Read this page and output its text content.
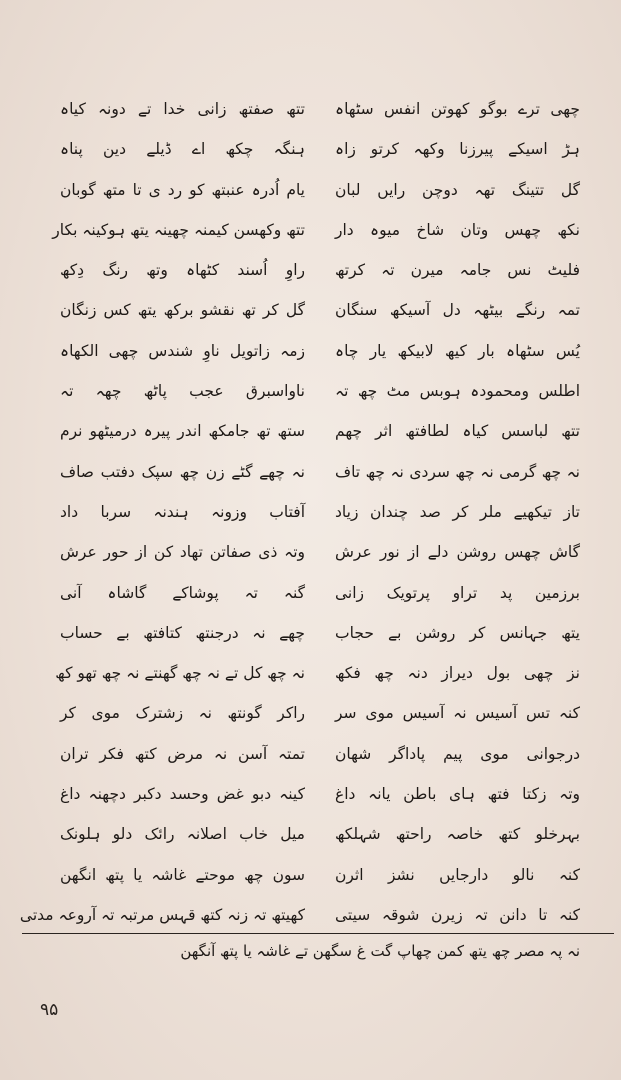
چھی ترے بوگو کھوتن انفس سٹھاہ
ہڑ اسیکے پیرزنا وکھہ کرتو زاہ
گل تتینگ تھہ دوچن رایں لبان
نکھ چھس وتان شاخ میوہ دار
فلیٹ نس جامہ میرن تہ کرتھ
تمہ رنگے بیٹھہ دل آسیکھ سنگان
یُس سٹھاہ بار کیھ لابیکھ یار چاہ
اطلس ومحمودہ ہوبس مٹ چھ تہ
تتھ لباسس کیاہ لطافتھ اثر چھم
نہ چھ گرمی نہ چھ سردی نہ چھ تاف
تاز تیکھیے ملر کر صد چندان زیاد
گاش چھس روشن دلے از نور عرش
برزمین پد تراو پرتویک زانی
یتھ جہانس کر روشن بے حجاب
نز چھی بول دیراز دنہ چھ فکھ
کنہ تس آسیس نہ آسیس موی سر
درجوانی موی پیم پاداگر شھان
وتہ زکتا فتھ ہای باطن یانہ داغ
بہرخلو کتھ خاصہ راحتھ شہلکھ
کنہ نالو دارجایں نشز اثرن
کنہ تا دانن تہ زیرن شوقہ سیتی
تتھ صفتھ زانی خدا تے دونہ کیاہ
ہنگہ چکھ اے ڈیلے دین پناہ
یام اُدرہ عنبتھ کو رد ی تا متھ گوبان
تتھ وکھسن کیمنہ چھینہ یتھ ہوکینہ بکار
راوِ اُسند کٹھاہ وتھ رنگ دِکھ
گل کر تھ نقشو برکھ یتھ کس زنگان
زمہ زاتویل ناوِ شندس چھی الکھاہ
ناواسبرق عجب پاٹھ چھہ تہ
ستھ تھ جامکھ اندر پیرہ درمیٹھو نرم
نہ چھے گٹے زن چھ سپک دفتب صاف
آفتاب وزونہ ہندنہ سربا داد
وتہ ذی صفاتن تھاد کن از حور عرش
گنہ تہ پوشاکے گاشاہ آنی
چھے نہ درجنتھ کتافتھ بے حساب
نہ چھ کل تے نہ چھ گھنتے نہ چھ تھو کھ
راکر گونتھ نہ زشترک موی کر
تمتہ آسن نہ مرض کتھ فکر تران
کینہ دبو غض وحسد دکبر دچھنہ داغ
میل خاب اصلانہ رائک دلو ہلونک
سون چھ موحتے غاشہ یا پتھ انگھن
کھیتھ تہ زنہ کتھ قہس مرتبہ تہ آروعہ مدتی
نہ پہ مصر چھ یتھ کمن چھاپ گت غ سگھن تے غاشہ یا پتھ آنگھن
۹۵
